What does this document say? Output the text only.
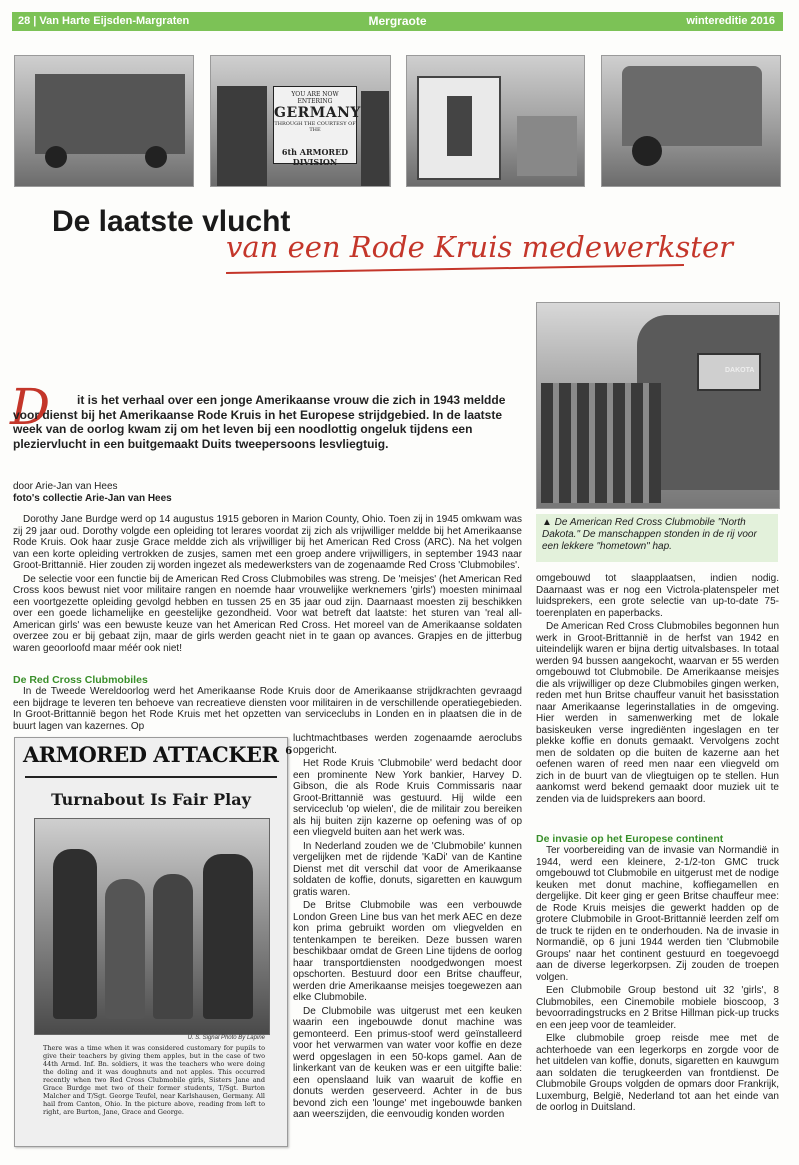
28 | Van Harte Eijsden-Margraten	Mergraote	wintereditie 2016
YOU ARE NOW ENTERING
GERMANY
THROUGH THE COURTESY OF THE
6th ARMORED DIVISION
De laatste vlucht
van een Rode Kruis medewerkster
DAKOTA
▲ De American Red Cross Clubmobile "North Dakota." De manschappen stonden in de rij voor een lekkere "hometown" hap.
D	it is het verhaal over een jonge Amerikaanse vrouw die zich in 1943 meldde voor dienst bij het Amerikaanse Rode Kruis in het Europese strijdgebied. In de laatste week van de oorlog kwam zij om het leven bij een noodlottig ongeluk tijdens een pleziervlucht in een buitgemaakt Duits tweepersoons lesvliegtuig.

door Arie-Jan van Hees
foto's collectie Arie-Jan van Hees

Dorothy Jane Burdge werd op 14 augustus 1915 geboren in Marion County, Ohio. Toen zij in 1945 omkwam was zij 29 jaar oud. Dorothy volgde een opleiding tot lerares voordat zij zich als vrijwilliger meldde bij het Amerikaanse Rode Kruis. Ook haar zusje Grace meldde zich als vrijwilliger bij het American Red Cross (ARC). Na het volgen van een korte opleiding vertrokken de zusjes, samen met een groep andere vrijwilligers, in september 1943 naar Groot-Brittannië. Hier zouden zij worden ingezet als medewerksters van de zogenaamde Red Cross 'Clubmobiles'.

De selectie voor een functie bij de American Red Cross Clubmobiles was streng. De 'meisjes' (het American Red Cross koos bewust niet voor militaire rangen en noemde haar vrouwelijke werknemers 'girls') moesten minimaal een voortgezette opleiding gevolgd hebben en tussen 25 en 35 jaar oud zijn. Daarnaast moesten zij beschikken over een goede lichamelijke en geestelijke gezondheid. Voor wat betreft dat laatste: het sturen van 'real all-American girls' was een bewuste keuze van het American Red Cross. Het moreel van de Amerikaanse soldaten overzee zou er bij gebaat zijn, maar de girls werden geacht niet in te gaan op avances. Grapjes en de jitterbug waren geoorloofd maar méér ook niet!

De Red Cross Clubmobiles

In de Tweede Wereldoorlog werd het Amerikaanse Rode Kruis door de Amerikaanse strijdkrachten gevraagd een bijdrage te leveren ten behoeve van recreatieve diensten voor militairen in de verschillende operatiegebieden. In Groot-Brittannië begon het Rode Kruis met het opzetten van serviceclubs in Londen en in plaatsen die in de buurt lagen van kazernes. Op

luchtmachtbases werden zogenaamde aeroclubs opgericht.

Het Rode Kruis 'Clubmobile' werd bedacht door een prominente New York bankier, Harvey D. Gibson, die als Rode Kruis Commissaris naar Groot-Brittannië was gestuurd. Hij wilde een serviceclub 'op wielen', die de militair zou bereiken als hij buiten zijn kazerne op oefening was of op een vliegveld buiten aan het werk was.

In Nederland zouden we de 'Clubmobile' kunnen vergelijken met de rijdende 'KaDi' van de Kantine Dienst met dit verschil dat voor de Amerikaanse soldaten de koffie, donuts, sigaretten en kauwgum gratis waren.

De Britse Clubmobile was een verbouwde London Green Line bus van het merk AEC en deze kon prima gebruikt worden om vliegvelden en tentenkampen te bereiken. Deze bussen waren beschikbaar omdat de Green Line tijdens de oorlog haar transportdiensten noodgedwongen moest opschorten. Bestuurd door een Britse chauffeur, werden drie Amerikaanse meisjes toegewezen aan elke Clubmobile.

De Clubmobile was uitgerust met een keuken waarin een ingebouwde donut machine was gemonteerd. Een primus-stoof werd geïnstalleerd voor het verwarmen van water voor koffie en deze werd opgeslagen in een 50-kops gamel. Aan de linkerkant van de keuken was er een uitgifte balie: een openslaand luik van waaruit de koffie en donuts werden geserveerd. Achter in de bus bevond zich een 'lounge' met ingebouwde banken aan weerszijden, die eenvoudig konden worden

omgebouwd tot slaapplaatsen, indien nodig. Daarnaast was er nog een Victrola-platenspeler met luidsprekers, een grote selectie van up-to-date 75-toerenplaten en paperbacks.

De American Red Cross Clubmobiles begonnen hun werk in Groot-Brittannië in de herfst van 1942 en uiteindelijk waren er bijna dertig uitvalsbases. In totaal werden 94 bussen aangekocht, waarvan er 55 werden omgebouwd tot Clubmobile. De Amerikaanse meisjes die als vrijwilliger op deze Clubmobiles gingen werken, reden met hun Britse chauffeur vanuit het basisstation naar Amerikaanse legerinstallaties in de omgeving. Hier werden in samenwerking met de lokale basiskeuken verse ingrediënten ingeslagen en ter plekke koffie en donuts gemaakt. Vervolgens zocht men de soldaten op die buiten de kazerne aan het oefenen waren of reed men naar een vliegveld om zich in de buurt van de vliegtuigen op te stellen. Hun aankomst werd bekend gemaakt door muziek uit te zenden via de luidsprekers aan boord.

De invasie op het Europese continent

Ter voorbereiding van de invasie van Normandië in 1944, werd een kleinere, 2-1/2-ton GMC truck omgebouwd tot Clubmobile en uitgerust met de nodige keuken met donut machine, koffiegamellen en dergelijke. Dit keer ging er geen Britse chauffeur mee: de Rode Kruis meisjes die gewerkt hadden op de grotere Clubmobile in Groot-Brittannië leerden zelf om de truck te rijden en te onderhouden. Na de invasie in Normandië, op 6 juni 1944 werden tien 'Clubmobile Groups' naar het continent gestuurd en toegevoegd aan de diverse legerkorpsen. Zij zouden de troepen volgen.

Een Clubmobile Group bestond uit 32 'girls', 8 Clubmobiles, een Cinemobile mobiele bioscoop, 3 bevoorradingstrucks en 2 Britse Hillman pick-up trucks en een jeep voor de teamleider.

Elke clubmobile groep reisde mee met de achterhoede van een legerkorps en zorgde voor de het uitdelen van koffie, donuts, sigaretten en kauwgum aan soldaten die terugkeerden van frontdienst. De Clubmobile Groups volgden de opmars door Frankrijk, Luxemburg, België, Nederland tot aan het einde van de oorlog in Duitsland.

ARMORED ATTACKER $^6$
Turnabout Is Fair Play
U. S. Signal Photo By Lapine
There was a time when it was considered customary for pupils to give their teachers by giving them apples, but in the case of two 44th Armd. Inf. Bn. soldiers, it was the teachers who were doing the doling and it was doughnuts and not apples. This occurred recently when two Red Cross Clubmobile girls, Sisters Jane and Grace Burdge met two of their former students, T/Sgt. Burton Malcher and T/Sgt. George Teufel, near Karlshausen, Germany. All hail from Canton, Ohio. In the picture above, reading from left to right, are Burton, Jane, Grace and George.
